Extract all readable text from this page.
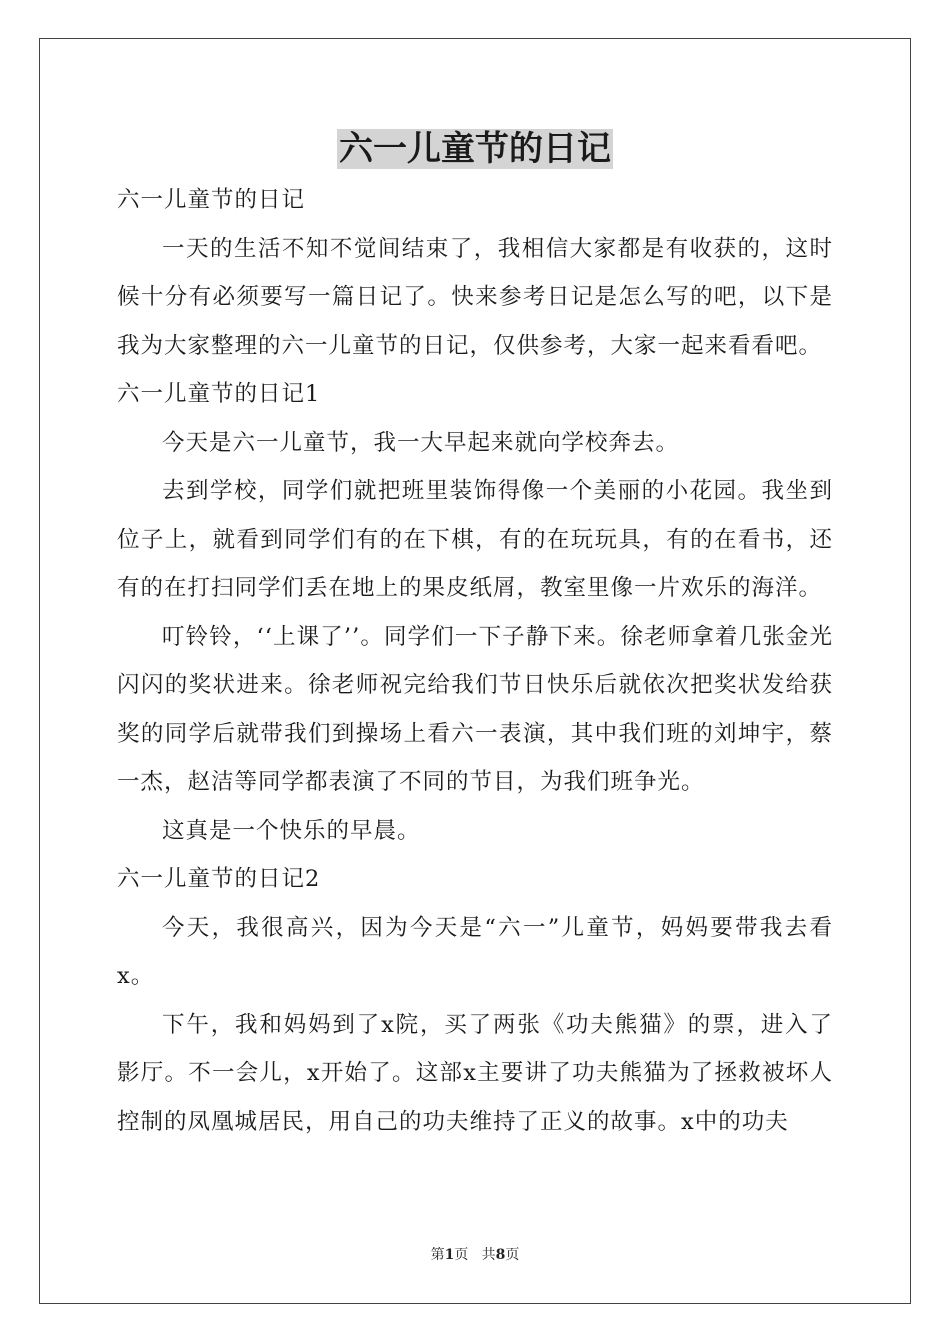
六一儿童节的日记

六一儿童节的日记

一天的生活不知不觉间结束了，我相信大家都是有收获的，这时候十分有必须要写一篇日记了。快来参考日记是怎么写的吧，以下是我为大家整理的六一儿童节的日记，仅供参考，大家一起来看看吧。

六一儿童节的日记1

今天是六一儿童节，我一大早起来就向学校奔去。

去到学校，同学们就把班里装饰得像一个美丽的小花园。我坐到位子上，就看到同学们有的在下棋，有的在玩玩具，有的在看书，还有的在打扫同学们丢在地上的果皮纸屑，教室里像一片欢乐的海洋。

叮铃铃，‘‘上课了’’。同学们一下子静下来。徐老师拿着几张金光闪闪的奖状进来。徐老师祝完给我们节日快乐后就依次把奖状发给获奖的同学后就带我们到操场上看六一表演，其中我们班的刘坤宇，蔡一杰，赵洁等同学都表演了不同的节目，为我们班争光。

这真是一个快乐的早晨。

六一儿童节的日记2

今天，我很高兴，因为今天是“六一”儿童节，妈妈要带我去看x。

下午，我和妈妈到了x院，买了两张《功夫熊猫》的票，进入了影厅。不一会儿，x开始了。这部x主要讲了功夫熊猫为了拯救被坏人控制的凤凰城居民，用自己的功夫维持了正义的故事。x中的功夫

第1页 共8页
